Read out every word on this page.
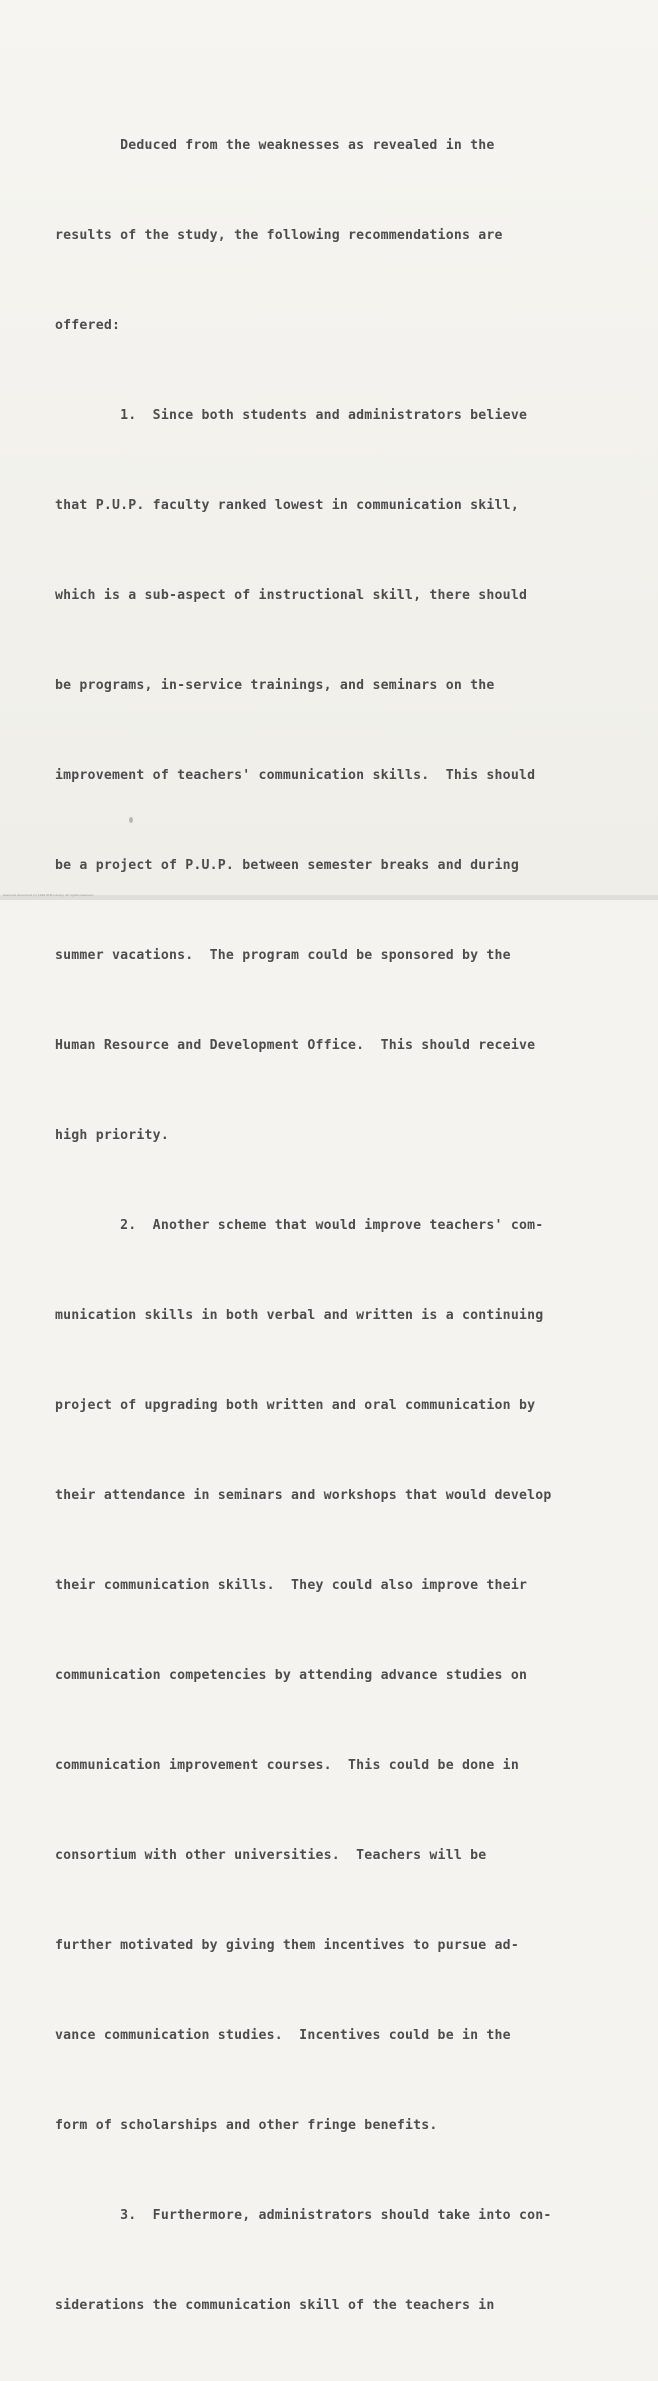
Deduced from the weaknesses as revealed in the

results of the study, the following recommendations are

offered:

1.  Since both students and administrators believe

that P.U.P. faculty ranked lowest in communication skill,

which is a sub-aspect of instructional skill, there should

be programs, in-service trainings, and seminars on the

improvement of teachers' communication skills.  This should

be a project of P.U.P. between semester breaks and during

summer vacations.  The program could be sponsored by the

Human Resource and Development Office.  This should receive

high priority.

2.  Another scheme that would improve teachers' com-

munication skills in both verbal and written is a continuing

project of upgrading both written and oral communication by

their attendance in seminars and workshops that would develop

their communication skills.  They could also improve their

communication competencies by attending advance studies on

communication improvement courses.  This could be done in

consortium with other universities.  Teachers will be

further motivated by giving them incentives to pursue ad-

vance communication studies.  Incentives could be in the

form of scholarships and other fringe benefits.

3.  Furthermore, administrators should take into con-

siderations the communication skill of the teachers in

Scanned document (c) 1991 PUP Library. All rights reserved.
